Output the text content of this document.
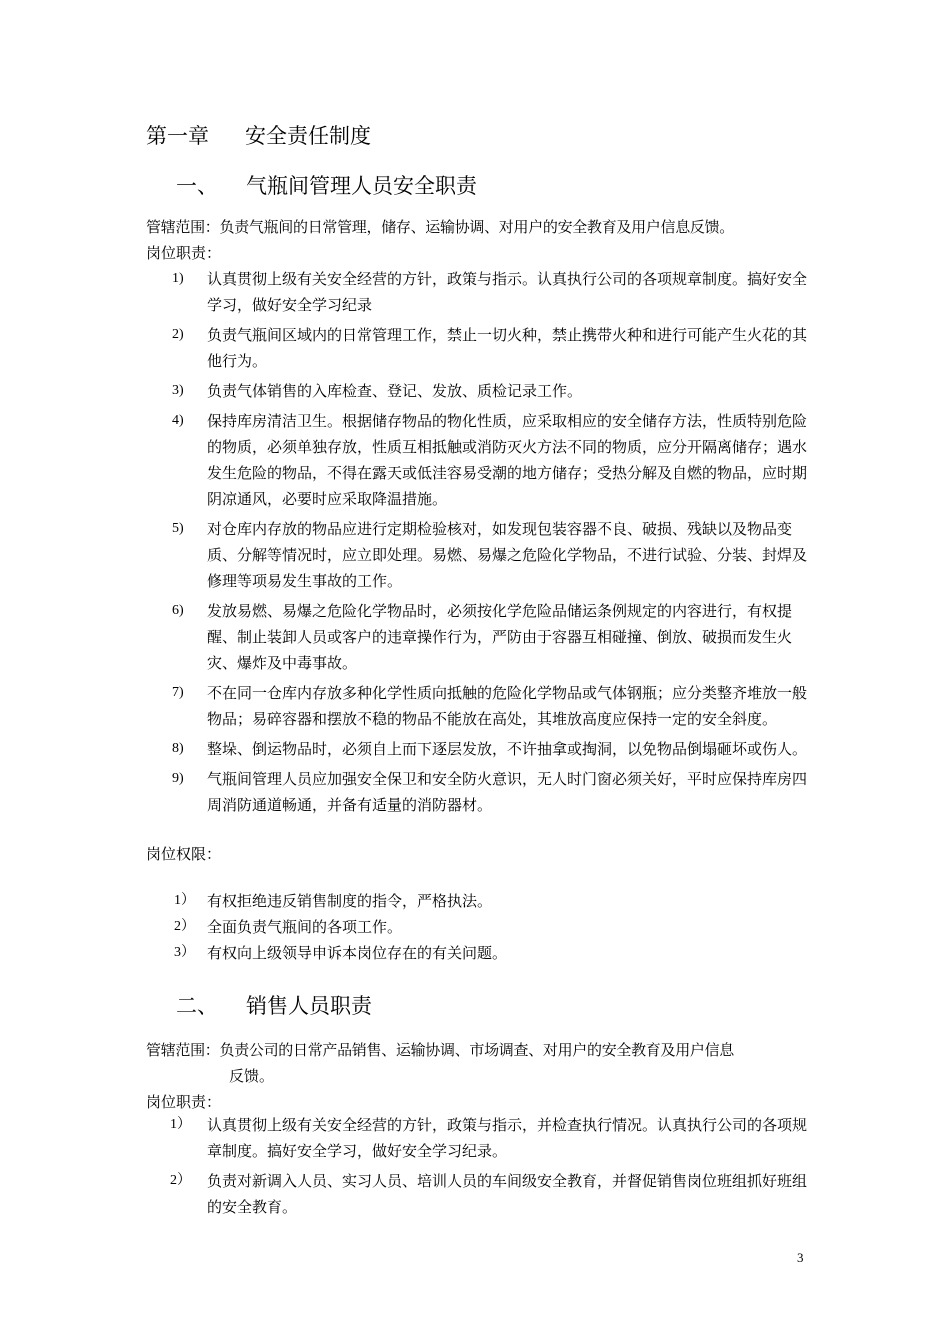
第一章 安全责任制度
一、 气瓶间管理人员安全职责
管辖范围：负责气瓶间的日常管理，储存、运输协调、对用户的安全教育及用户信息反馈。
岗位职责：
1)	认真贯彻上级有关安全经营的方针，政策与指示。认真执行公司的各项规章制度。搞好安全学习，做好安全学习纪录
2)	负责气瓶间区域内的日常管理工作，禁止一切火种，禁止携带火种和进行可能产生火花的其他行为。
3)	负责气体销售的入库检查、登记、发放、质检记录工作。
4)	保持库房清洁卫生。根据储存物品的物化性质，应采取相应的安全储存方法，性质特别危险的物质，必须单独存放，性质互相抵触或消防灭火方法不同的物质，应分开隔离储存；遇水发生危险的物品，不得在露天或低洼容易受潮的地方储存；受热分解及自燃的物品，应时期阴凉通风，必要时应采取降温措施。
5)	对仓库内存放的物品应进行定期检验核对，如发现包装容器不良、破损、残缺以及物品变质、分解等情况时，应立即处理。易燃、易爆之危险化学物品，不进行试验、分装、封焊及修理等项易发生事故的工作。
6)	发放易燃、易爆之危险化学物品时，必须按化学危险品储运条例规定的内容进行，有权提醒、制止装卸人员或客户的违章操作行为，严防由于容器互相碰撞、倒放、破损而发生火灾、爆炸及中毒事故。
7)	不在同一仓库内存放多种化学性质向抵触的危险化学物品或气体钢瓶；应分类整齐堆放一般物品；易碎容器和摆放不稳的物品不能放在高处，其堆放高度应保持一定的安全斜度。
8)	整垛、倒运物品时，必须自上而下逐层发放，不许抽拿或掏洞，以免物品倒塌砸坏或伤人。
9)	气瓶间管理人员应加强安全保卫和安全防火意识，无人时门窗必须关好，平时应保持库房四周消防通道畅通，并备有适量的消防器材。
岗位权限：
1） 有权拒绝违反销售制度的指令，严格执法。
2） 全面负责气瓶间的各项工作。
3） 有权向上级领导申诉本岗位存在的有关问题。
二、 销售人员职责
管辖范围：负责公司的日常产品销售、运输协调、市场调查、对用户的安全教育及用户信息
反馈。
岗位职责：
1）	认真贯彻上级有关安全经营的方针，政策与指示，并检查执行情况。认真执行公司的各项规章制度。搞好安全学习，做好安全学习纪录。
2）	负责对新调入人员、实习人员、培训人员的车间级安全教育，并督促销售岗位班组抓好班组的安全教育。
3
